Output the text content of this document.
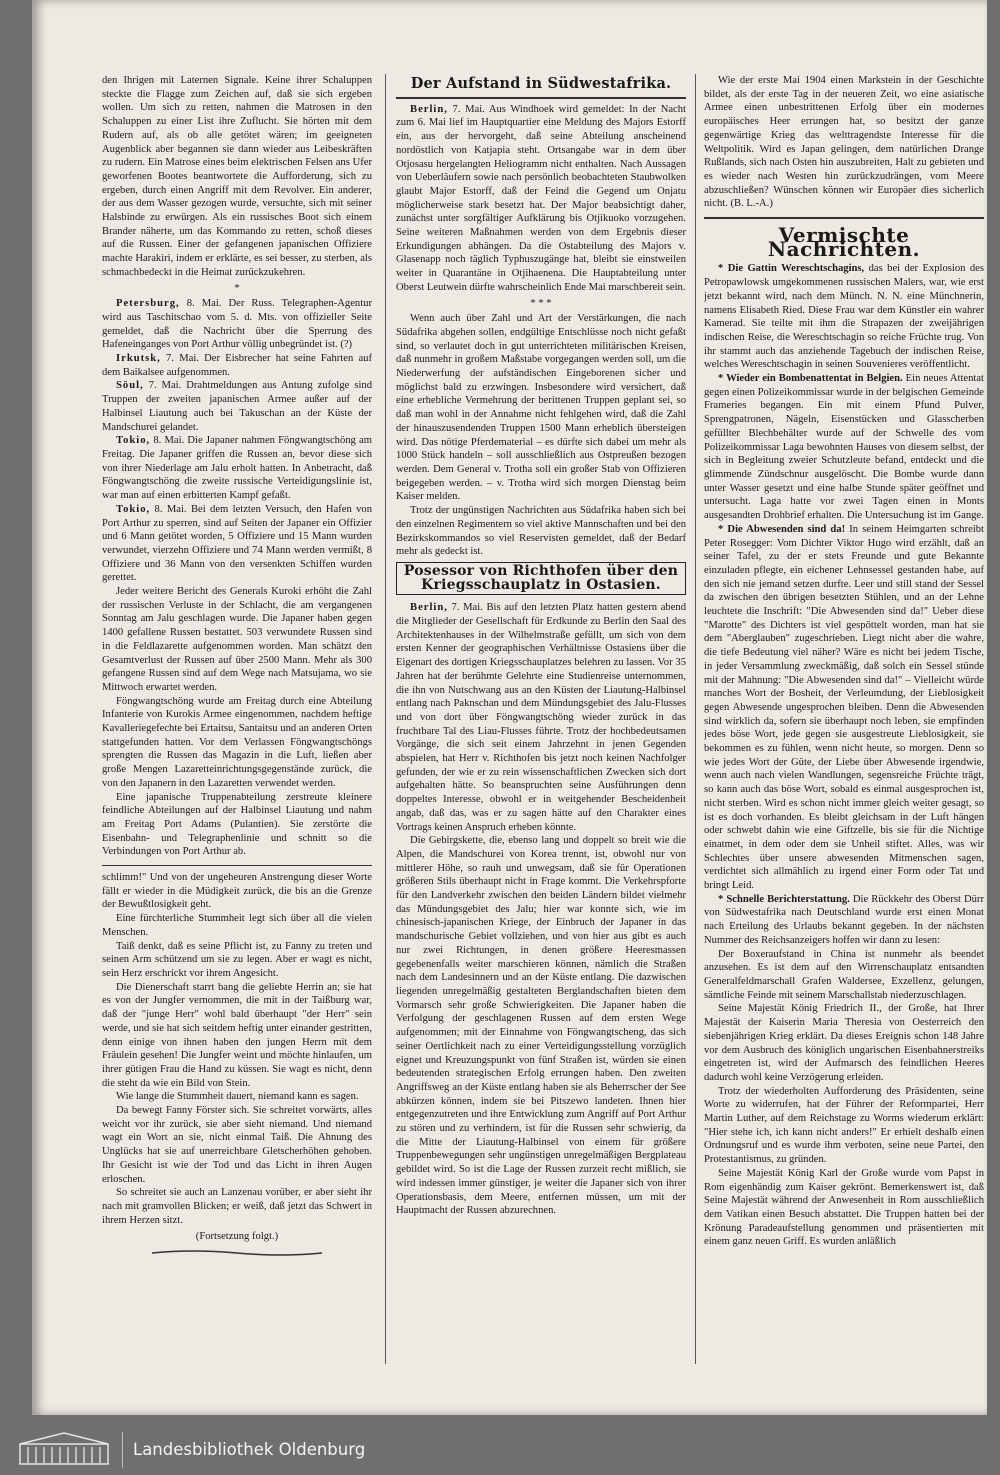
den Ihrigen mit Laternen Signale. Keine ihrer Schaluppen steckte die Flagge zum Zeichen auf, daß sie sich ergeben wollen. Um sich zu retten, nahmen die Matrosen in den Schaluppen zu einer List ihre Zuflucht. Sie hörten mit dem Rudern auf, als ob alle getötet wären; im geeigneten Augenblick aber begannen sie dann wieder aus Leibeskräften zu rudern. Ein Matrose eines beim elektrischen Felsen ans Ufer geworfenen Bootes beantwortete die Aufforderung, sich zu ergeben, durch einen Angriff mit dem Revolver. Ein anderer, der aus dem Wasser gezogen wurde, versuchte, sich mit seiner Halsbinde zu erwürgen. Als ein russisches Boot sich einem Brander näherte, um das Kommando zu retten, schoß dieses auf die Russen. Einer der gefangenen japanischen Offiziere machte Harakiri, indem er erklärte, es sei besser, zu sterben, als schmachbedeckt in die Heimat zurückzukehren.

*

Petersburg, 8. Mai. Der Russ. Telegraphen-Agentur wird aus Taschitschao vom 5. d. Mts. von offizieller Seite gemeldet, daß die Nachricht über die Sperrung des Hafeneinganges von Port Arthur völlig unbegründet ist. (?)

Irkutsk, 7. Mai. Der Eisbrecher hat seine Fahrten auf dem Baikalsee aufgenommen.

Söul, 7. Mai. Drahtmeldungen aus Antung zufolge sind Truppen der zweiten japanischen Armee außer auf der Halbinsel Liautung auch bei Takuschan an der Küste der Mandschurei gelandet.

Tokio, 8. Mai. Die Japaner nahmen Föngwangtschöng am Freitag. Die Japaner griffen die Russen an, bevor diese sich von ihrer Niederlage am Jalu erholt hatten. In Anbetracht, daß Föngwangtschöng die zweite russische Verteidigungslinie ist, war man auf einen erbitterten Kampf gefaßt.

Tokio, 8. Mai. Bei dem letzten Versuch, den Hafen von Port Arthur zu sperren, sind auf Seiten der Japaner ein Offizier und 6 Mann getötet worden, 5 Offiziere und 15 Mann wurden verwundet, vierzehn Offiziere und 74 Mann werden vermißt, 8 Offiziere und 36 Mann von den versenkten Schiffen wurden gerettet.

Jeder weitere Bericht des Generals Kuroki erhöht die Zahl der russischen Verluste in der Schlacht, die am vergangenen Sonntag am Jalu geschlagen wurde. Die Japaner haben gegen 1400 gefallene Russen bestattet. 503 verwundete Russen sind in die Feldlazarette aufgenommen worden. Man schätzt den Gesamtverlust der Russen auf über 2500 Mann. Mehr als 300 gefangene Russen sind auf dem Wege nach Matsujama, wo sie Mittwoch erwartet werden.

Föngwangtschöng wurde am Freitag durch eine Abteilung Infanterie von Kurokis Armee eingenommen, nachdem heftige Kavalleriegefechte bei Ertaitsu, Santaitsu und an anderen Orten stattgefunden hatten. Vor dem Verlassen Föngwangtschöngs sprengten die Russen das Magazin in die Luft, ließen aber große Mengen Lazaretteinrichtungsgegenstände zurück, die von den Japanern in den Lazaretten verwendet werden.

Eine japanische Truppenabteilung zerstreute kleinere feindliche Abteilungen auf der Halbinsel Liautung und nahm am Freitag Port Adams (Pulantien). Sie zerstörte die Eisenbahn- und Telegraphenlinie und schnitt so die Verbindungen von Port Arthur ab.

schlimm!" Und von der ungeheuren Anstrengung dieser Worte fällt er wieder in die Müdigkeit zurück, die bis an die Grenze der Bewußtlosigkeit geht.

Eine fürchterliche Stummheit legt sich über all die vielen Menschen.

Taiß denkt, daß es seine Pflicht ist, zu Fanny zu treten und seinen Arm schützend um sie zu legen. Aber er wagt es nicht, sein Herz erschrickt vor ihrem Angesicht.

Die Dienerschaft starrt bang die geliebte Herrin an; sie hat es von der Jungfer vernommen, die mit in der Taißburg war, daß der "junge Herr" wohl bald überhaupt "der Herr" sein werde, und sie hat sich seitdem heftig unter einander gestritten, denn einige von ihnen haben den jungen Herrn mit dem Fräulein gesehen! Die Jungfer weint und möchte hinlaufen, um ihrer gütigen Frau die Hand zu küssen. Sie wagt es nicht, denn die steht da wie ein Bild von Stein.

Wie lange die Stummheit dauert, niemand kann es sagen.

Da bewegt Fanny Förster sich. Sie schreitet vorwärts, alles weicht vor ihr zurück, sie aber sieht niemand. Und niemand wagt ein Wort an sie, nicht einmal Taiß. Die Ahnung des Unglücks hat sie auf unerreichbare Gletscherhöhen gehoben. Ihr Gesicht ist wie der Tod und das Licht in ihren Augen erloschen.

So schreitet sie auch an Lanzenau vorüber, er aber sieht ihr nach mit gramvollen Blicken; er weiß, daß jetzt das Schwert in ihrem Herzen sitzt.

(Fortsetzung folgt.)
Der Aufstand in Südwestafrika.

Berlin, 7. Mai. Aus Windhoek wird gemeldet: In der Nacht zum 6. Mai lief im Hauptquartier eine Meldung des Majors Estorff ein, aus der hervorgeht, daß seine Abteilung anscheinend nordöstlich von Katjapia steht. Ortsangabe war in dem über Otjosasu hergelangten Heliogramm nicht enthalten. Nach Aussagen von Ueberläufern sowie nach persönlich beobachteten Staubwolken glaubt Major Estorff, daß der Feind die Gegend um Onjatu möglicherweise stark besetzt hat. Der Major beabsichtigt daher, zunächst unter sorgfältiger Aufklärung bis Otjikuoko vorzugehen. Seine weiteren Maßnahmen werden von dem Ergebnis dieser Erkundigungen abhängen. Da die Ostabteilung des Majors v. Glasenapp noch täglich Typhuszugänge hat, bleibt sie einstweilen weiter in Quarantäne in Otjihaenena. Die Hauptabteilung unter Oberst Leutwein dürfte wahrscheinlich Ende Mai marschbereit sein.

* * *

Wenn auch über Zahl und Art der Verstärkungen, die nach Südafrika abgehen sollen, endgültige Entschlüsse noch nicht gefaßt sind, so verlautet doch in gut unterrichteten militärischen Kreisen, daß nunmehr in großem Maßstabe vorgegangen werden soll, um die Niederwerfung der aufständischen Eingeborenen sicher und möglichst bald zu erzwingen. Insbesondere wird versichert, daß eine erhebliche Vermehrung der berittenen Truppen geplant sei, so daß man wohl in der Annahme nicht fehlgehen wird, daß die Zahl der hinauszusendenden Truppen 1500 Mann erheblich übersteigen wird. Das nötige Pferdematerial – es dürfte sich dabei um mehr als 1000 Stück handeln – soll ausschließlich aus Ostpreußen bezogen werden. Dem General v. Trotha soll ein großer Stab von Offizieren beigegeben werden. – v. Trotha wird sich morgen Dienstag beim Kaiser melden.

Trotz der ungünstigen Nachrichten aus Südafrika haben sich bei den einzelnen Regimentern so viel aktive Mannschaften und bei den Bezirkskommandos so viel Reservisten gemeldet, daß der Bedarf mehr als gedeckt ist.

Posessor von Richthofen über den Kriegsschauplatz in Ostasien.

Berlin, 7. Mai. Bis auf den letzten Platz hatten gestern abend die Mitglieder der Gesellschaft für Erdkunde zu Berlin den Saal des Architektenhauses in der Wilhelmstraße gefüllt, um sich von dem ersten Kenner der geographischen Verhältnisse Ostasiens über die Eigenart des dortigen Kriegsschauplatzes belehren zu lassen. Vor 35 Jahren hat der berühmte Gelehrte eine Studienreise unternommen, die ihn von Nutschwang aus an den Küsten der Liautung-Halbinsel entlang nach Paknschan und dem Mündungsgebiet des Jalu-Flusses und von dort über Föngwangtschöng wieder zurück in das fruchtbare Tal des Liau-Flusses führte. Trotz der hochbedeutsamen Vorgänge, die sich seit einem Jahrzehnt in jenen Gegenden abspielen, hat Herr v. Richthofen bis jetzt noch keinen Nachfolger gefunden, der wie er zu rein wissenschaftlichen Zwecken sich dort aufgehalten hätte. So beanspruchten seine Ausführungen denn doppeltes Interesse, obwohl er in weitgehender Bescheidenheit angab, daß das, was er zu sagen hätte auf den Charakter eines Vortrags keinen Anspruch erheben könnte.

Die Gebirgskette, die, ebenso lang und doppelt so breit wie die Alpen, die Mandschurei von Korea trennt, ist, obwohl nur von mittlerer Höhe, so rauh und unwegsam, daß sie für Operationen größeren Stils überhaupt nicht in Frage kommt. Die Verkehrspforte für den Landverkehr zwischen den beiden Ländern bildet vielmehr das Mündungsgebiet des Jalu; hier war konnte sich, wie im chinesisch-japanischen Kriege, der Einbruch der Japaner in das mandschurische Gebiet vollziehen, und von hier aus gibt es auch nur zwei Richtungen, in denen größere Heeresmassen gegebenenfalls weiter marschieren können, nämlich die Straßen nach dem Landesinnern und an der Küste entlang. Die dazwischen liegenden unregelmäßig gestalteten Berglandschaften bieten dem Vormarsch sehr große Schwierigkeiten. Die Japaner haben die Verfolgung der geschlagenen Russen auf dem ersten Wege aufgenommen; mit der Einnahme von Föngwangtscheng, das sich seiner Oertlichkeit nach zu einer Verteidigungsstellung vorzüglich eignet und Kreuzungspunkt von fünf Straßen ist, würden sie einen bedeutenden strategischen Erfolg errungen haben. Den zweiten Angriffsweg an der Küste entlang haben sie als Beherrscher der See abkürzen können, indem sie bei Pitszewo landeten. Ihnen hier entgegenzutreten und ihre Entwicklung zum Angriff auf Port Arthur zu stören und zu verhindern, ist für die Russen sehr schwierig, da die Mitte der Liautung-Halbinsel von einem für größere Truppenbewegungen sehr ungünstigen unregelmäßigen Bergplateau gebildet wird. So ist die Lage der Russen zurzeit recht mißlich, sie wird indessen immer günstiger, je weiter die Japaner sich von ihrer Operationsbasis, dem Meere, entfernen müssen, um mit der Hauptmacht der Russen abzurechnen.

Wie der erste Mai 1904 einen Markstein in der Geschichte bildet, als der erste Tag in der neueren Zeit, wo eine asiatische Armee einen unbestrittenen Erfolg über ein modernes europäisches Heer errungen hat, so besitzt der ganze gegenwärtige Krieg das welttragendste Interesse für die Weltpolitik. Wird es Japan gelingen, dem natürlichen Drange Rußlands, sich nach Osten hin auszubreiten, Halt zu gebieten und es wieder nach Westen hin zurückzudrängen, vom Meere abzuschließen? Wünschen können wir Europäer dies sicherlich nicht. (B. L.-A.)

Vermischte Nachrichten.

* Die Gattin Wereschtschagins, das bei der Explosion des Petropawlowsk umgekommenen russischen Malers, war, wie erst jetzt bekannt wird, nach dem Münch. N. N. eine Münchnerin, namens Elisabeth Ried. Diese Frau war dem Künstler ein wahrer Kamerad. Sie teilte mit ihm die Strapazen der zweijährigen indischen Reise, die Wereschtschagin so reiche Früchte trug. Von ihr stammt auch das anziehende Tagebuch der indischen Reise, welches Wereschtschagin in seinen Souvenieres veröffentlicht.

* Wieder ein Bombenattentat in Belgien. Ein neues Attentat gegen einen Polizeikommissar wurde in der belgischen Gemeinde Frameries begangen. Ein mit einem Pfund Pulver, Sprengpatronen, Nägeln, Eisenstücken und Glasscherben gefüllter Blechbehälter wurde auf der Schwelle des vom Polizeikommissar Laga bewohnten Hauses von diesem selbst, der sich in Begleitung zweier Schutzleute befand, entdeckt und die glimmende Zündschnur ausgelöscht. Die Bombe wurde dann unter Wasser gesetzt und eine halbe Stunde später geöffnet und untersucht. Laga hatte vor zwei Tagen einen in Monts ausgesandten Drohbrief erhalten. Die Untersuchung ist im Gange.

* Die Abwesenden sind da! In seinem Heimgarten schreibt Peter Rosegger: Vom Dichter Viktor Hugo wird erzählt, daß an seiner Tafel, zu der er stets Freunde und gute Bekannte einzuladen pflegte, ein eichener Lehnsessel gestanden habe, auf den sich nie jemand setzen durfte. Leer und still stand der Sessel da zwischen den übrigen besetzten Stühlen, und an der Lehne leuchtete die Inschrift: "Die Abwesenden sind da!" Ueber diese "Marotte" des Dichters ist viel gespöttelt worden, man hat sie dem "Aberglauben" zugeschrieben. Liegt nicht aber die wahre, die tiefe Bedeutung viel näher? Wäre es nicht bei jedem Tische, in jeder Versammlung zweckmäßig, daß solch ein Sessel stünde mit der Mahnung: "Die Abwesenden sind da!" – Vielleicht würde manches Wort der Bosheit, der Verleumdung, der Lieblosigkeit gegen Abwesende ungesprochen bleiben. Denn die Abwesenden sind wirklich da, sofern sie überhaupt noch leben, sie empfinden jedes böse Wort, jede gegen sie ausgestreute Lieblosigkeit, sie bekommen es zu fühlen, wenn nicht heute, so morgen. Denn so wie jedes Wort der Güte, der Liebe über Abwesende irgendwie, wenn auch nach vielen Wandlungen, segensreiche Früchte trägt, so kann auch das böse Wort, sobald es einmal ausgesprochen ist, nicht sterben. Wird es schon nicht immer gleich weiter gesagt, so ist es doch vorhanden. Es bleibt gleichsam in der Luft hängen oder schwebt dahin wie eine Giftzelle, bis sie für die Nichtige einatmet, in dem oder dem sie Unheil stiftet. Alles, was wir Schlechtes über unsere abwesenden Mitmenschen sagen, verdichtet sich allmählich zu irgend einer Form oder Tat und bringt Leid.

* Schnelle Berichterstattung. Die Rückkehr des Oberst Dürr von Südwestafrika nach Deutschland wurde erst einen Monat nach Erteilung des Urlaubs bekannt gegeben. In der nächsten Nummer des Reichsanzeigers hoffen wir dann zu lesen:

Der Boxeraufstand in China ist nunmehr als beendet anzusehen. Es ist dem auf den Wirrenschauplatz entsandten Generalfeldmarschall Grafen Waldersee, Exzellenz, gelungen, sämtliche Feinde mit seinem Marschallstab niederzuschlagen.

Seine Majestät König Friedrich II., der Große, hat Ihrer Majestät der Kaiserin Maria Theresia von Oesterreich den siebenjährigen Krieg erklärt. Da dieses Ereignis schon 148 Jahre vor dem Ausbruch des königlich ungarischen Eisenbahnerstreiks eingetreten ist, wird der Aufmarsch des feindlichen Heeres dadurch wohl keine Verzögerung erleiden.

Trotz der wiederholten Aufforderung des Präsidenten, seine Worte zu widerrufen, hat der Führer der Reformpartei, Herr Martin Luther, auf dem Reichstage zu Worms wiederum erklärt: "Hier stehe ich, ich kann nicht anders!" Er erhielt deshalb einen Ordnungsruf und es wurde ihm verboten, seine neue Partei, den Protestantismus, zu gründen.

Seine Majestät König Karl der Große wurde vom Papst in Rom eigenhändig zum Kaiser gekrönt. Bemerkenswert ist, daß Seine Majestät während der Anwesenheit in Rom ausschließlich dem Vatikan einen Besuch abstattet. Die Truppen hatten bei der Krönung Paradeaufstellung genommen und präsentierten mit einem ganz neuen Griff. Es wurden anläßlich

Landesbibliothek Oldenburg
